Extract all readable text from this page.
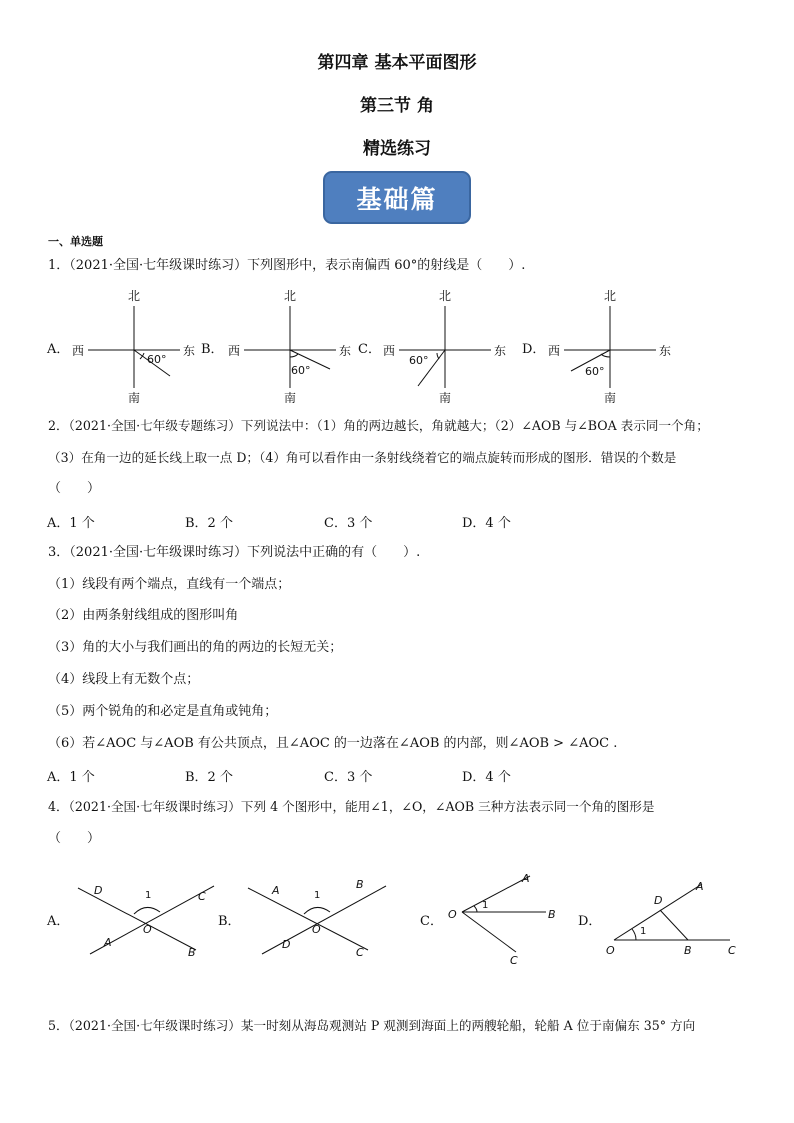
第四章 基本平面图形
第三节 角
精选练习
基础篇
一、单选题
1．（2021·全国·七年级课时练习）下列图形中，表示南偏西 60°的射线是（　　）.
A．	B．	C．	D．
北
南
西	东
60°
北
南
西	东
60°
北
南
西	东
60°
北
南
西	东
60°
2．（2021·全国·七年级专题练习）下列说法中：（1）角的两边越长，角就越大；（2）∠AOB 与∠BOA 表示同一个角；
（3）在角一边的延长线上取一点 D；（4）角可以看作由一条射线绕着它的端点旋转而形成的图形．错误的个数是
（　　）
A．1 个	B．2 个	C．3 个	D．4 个
3．（2021·全国·七年级课时练习）下列说法中正确的有（　　）.
（1）线段有两个端点，直线有一个端点；
（2）由两条射线组成的图形叫角
（3）角的大小与我们画出的角的两边的长短无关；
（4）线段上有无数个点；
（5）两个锐角的和必定是直角或钝角；
（6）若∠AOC 与∠AOB 有公共顶点，且∠AOC 的一边落在∠AOB 的内部，则∠AOB > ∠AOC .
A．1 个	B．2 个	C．3 个	D．4 个
4．（2021·全国·七年级课时练习）下列 4 个图形中，能用∠1，∠O，∠AOB 三种方法表示同一个角的图形是
（　　）
A．	B．	C．	D．
D	C
A
B
O
1	A	B
D
C
O
1
A
B
C
O
1
A
D
O	B	C
1
5．（2021·全国·七年级课时练习）某一时刻从海岛观测站 P 观测到海面上的两艘轮船，轮船 A 位于南偏东 35° 方向
